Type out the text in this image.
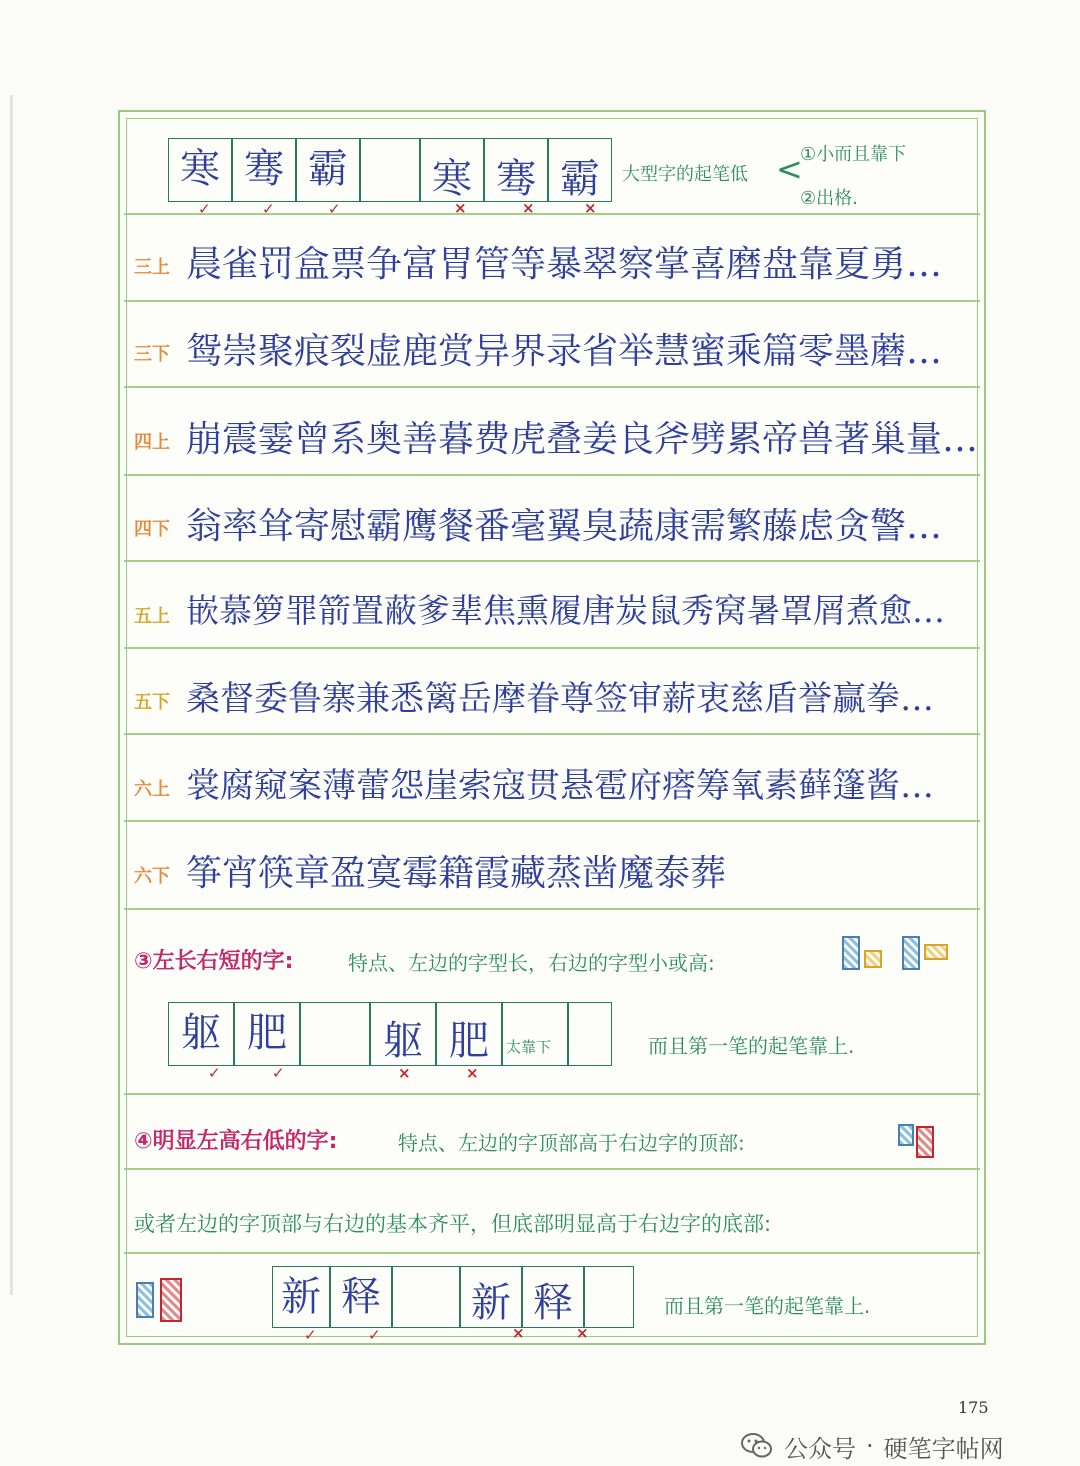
寒 骞 霸 寒 骞 霸
✓	✓	✓	×	×	×
大型字的起笔低 <
①小而且靠下
②出格.
三上 晨雀罚盒票争富胃管等暴翠察掌喜磨盘靠夏勇…
三下 鸳崇聚痕裂虚鹿赏异界录省举慧蜜乘篇零墨蘑…
四上 崩震霎曾系奥善暮费虎叠姜良斧劈累帝兽著巢量…
四下 翁率耸寄慰霸鹰餐番毫翼臭蔬康需繁藤虑贪警…
五上 嵌慕箩罪箭置蔽爹辈焦熏履唐炭鼠秀窝暑罩屑煮愈…
五下 桑督委鲁寨兼悉篱岳摩眷尊签审薪衷慈盾誉赢拳…
六上 裳腐窥案薄蕾怨崖索寇贯悬雹府瘩筹氧素藓篷酱…
六下 筝宵筷章盈寞霉籍霞藏蒸凿魔泰葬
③左长右短的字:	特点、左边的字型长，右边的字型小或高:
躯 肥	躯 肥	太靠下
✓	✓	×	×
而且第一笔的起笔靠上.
④明显左高右低的字:	特点、左边的字顶部高于右边字的顶部:
或者左边的字顶部与右边的基本齐平，但底部明显高于右边字的底部:
新 释 新 释
✓	✓	×	×
而且第一笔的起笔靠上.
175
公众号 · 硬笔字帖网
